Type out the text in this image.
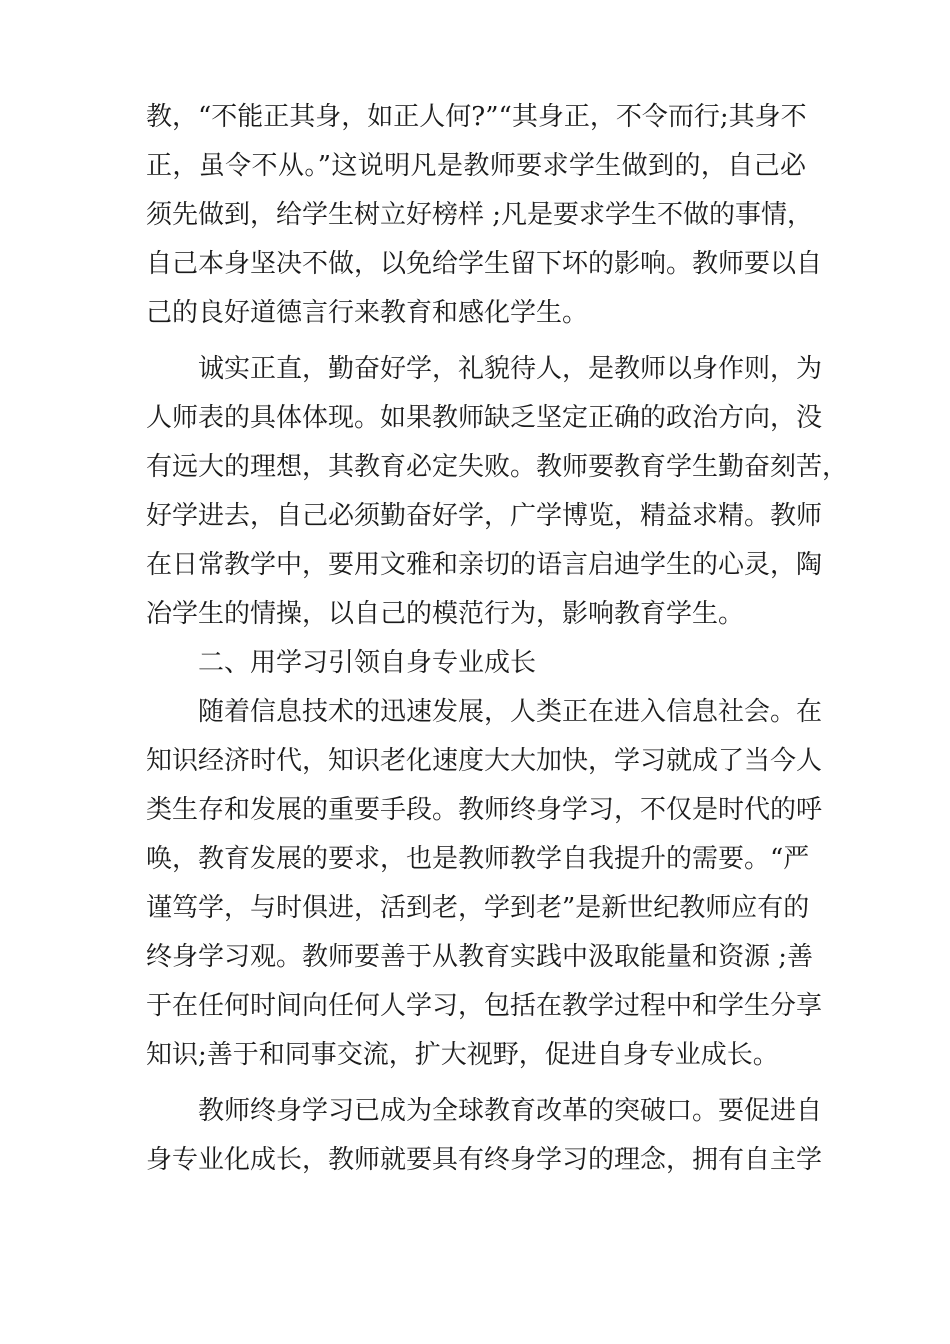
教，“不能正其身，如正人何?”“其身正，不令而行;其身不
正，虽令不从。”这说明凡是教师要求学生做到的，自己必
须先做到，给学生树立好榜样 ;凡是要求学生不做的事情，
自己本身坚决不做，以免给学生留下坏的影响。教师要以自
己的良好道德言行来教育和感化学生。
诚实正直，勤奋好学，礼貌待人，是教师以身作则，为
人师表的具体体现。如果教师缺乏坚定正确的政治方向，没
有远大的理想，其教育必定失败。教师要教育学生勤奋刻苦，
好学进去，自己必须勤奋好学，广学博览，精益求精。教师
在日常教学中，要用文雅和亲切的语言启迪学生的心灵，陶
冶学生的情操，以自己的模范行为，影响教育学生。
二、用学习引领自身专业成长
随着信息技术的迅速发展，人类正在进入信息社会。在
知识经济时代，知识老化速度大大加快，学习就成了当今人
类生存和发展的重要手段。教师终身学习，不仅是时代的呼
唤，教育发展的要求，也是教师教学自我提升的需要。“严
谨笃学，与时俱进，活到老，学到老”是新世纪教师应有的
终身学习观。教师要善于从教育实践中汲取能量和资源 ;善
于在任何时间向任何人学习，包括在教学过程中和学生分享
知识;善于和同事交流，扩大视野，促进自身专业成长。
教师终身学习已成为全球教育改革的突破口。要促进自
身专业化成长，教师就要具有终身学习的理念，拥有自主学
